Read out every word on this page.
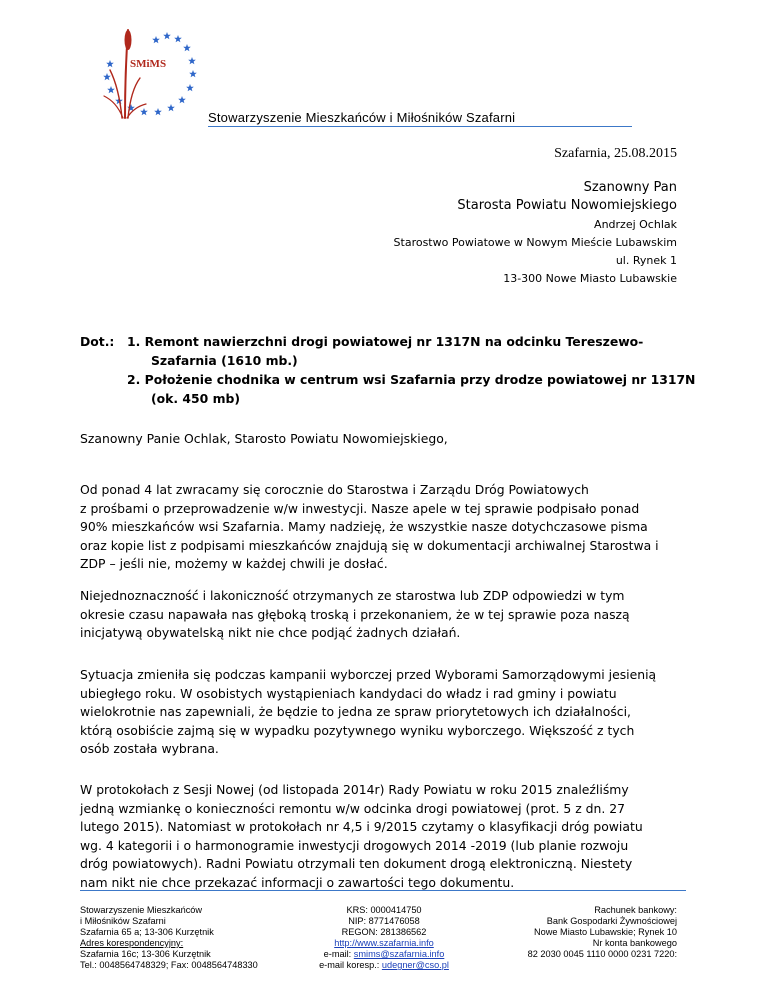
SMiMS
Stowarzyszenie Mieszkańców i Miłośników Szafarni
Szafarnia, 25.08.2015
Szanowny Pan
Starosta Powiatu Nowomiejskiego
Andrzej Ochlak
Starostwo Powiatowe w Nowym Mieście Lubawskim
ul. Rynek 1
13-300 Nowe Miasto Lubawskie
Dot.: 1. Remont nawierzchni drogi powiatowej nr 1317N na odcinku Tereszewo-
Szafarnia (1610 mb.)
2. Położenie chodnika w centrum wsi Szafarnia przy drodze powiatowej nr 1317N
(ok. 450 mb)
Szanowny Panie Ochlak, Starosto Powiatu Nowomiejskiego,
Od ponad 4 lat zwracamy się corocznie do Starostwa i Zarządu Dróg Powiatowych
z prośbami o przeprowadzenie w/w inwestycji. Nasze apele w tej sprawie podpisało ponad
90% mieszkańców wsi Szafarnia. Mamy nadzieję, że wszystkie nasze dotychczasowe pisma
oraz kopie list z podpisami mieszkańców znajdują się w dokumentacji archiwalnej Starostwa i
ZDP – jeśli nie, możemy w każdej chwili je dosłać.
Niejednoznaczność i lakoniczność otrzymanych ze starostwa lub ZDP odpowiedzi w tym
okresie czasu napawała nas głęboką troską i przekonaniem, że w tej sprawie poza naszą
inicjatywą obywatelską nikt nie chce podjąć żadnych działań.
Sytuacja zmieniła się podczas kampanii wyborczej przed Wyborami Samorządowymi jesienią
ubiegłego roku. W osobistych wystąpieniach kandydaci do władz i rad gminy i powiatu
wielokrotnie nas zapewniali, że będzie to jedna ze spraw priorytetowych ich działalności,
którą osobiście zajmą się w wypadku pozytywnego wyniku wyborczego. Większość z tych
osób została wybrana.
W protokołach z Sesji Nowej (od listopada 2014r) Rady Powiatu w roku 2015 znaleźliśmy
jedną wzmiankę o konieczności remontu w/w odcinka drogi powiatowej (prot. 5 z dn. 27
lutego 2015). Natomiast w protokołach nr 4,5 i 9/2015 czytamy o klasyfikacji dróg powiatu
wg. 4 kategorii i o harmonogramie inwestycji drogowych 2014 -2019 (lub planie rozwoju
dróg powiatowych). Radni Powiatu otrzymali ten dokument drogą elektroniczną. Niestety
nam nikt nie chce przekazać informacji o zawartości tego dokumentu.
Stowarzyszenie Mieszkańców
i Miłośników Szafarni
Szafarnia 65 a; 13-306 Kurzętnik
Adres korespondencyjny:
Szafarnia 16c; 13-306 Kurzętnik
Tel.: 0048564748329; Fax: 0048564748330
KRS: 0000414750
NIP: 8771476058
REGON: 281386562
http://www.szafarnia.info
e-mail: smims@szafarnia.info
e-mail koresp.: udegner@cso.pl
Rachunek bankowy:
Bank Gospodarki Żywnościowej
Nowe Miasto Lubawskie; Rynek 10
Nr konta bankowego
82 2030 0045 1110 0000 0231 7220:
